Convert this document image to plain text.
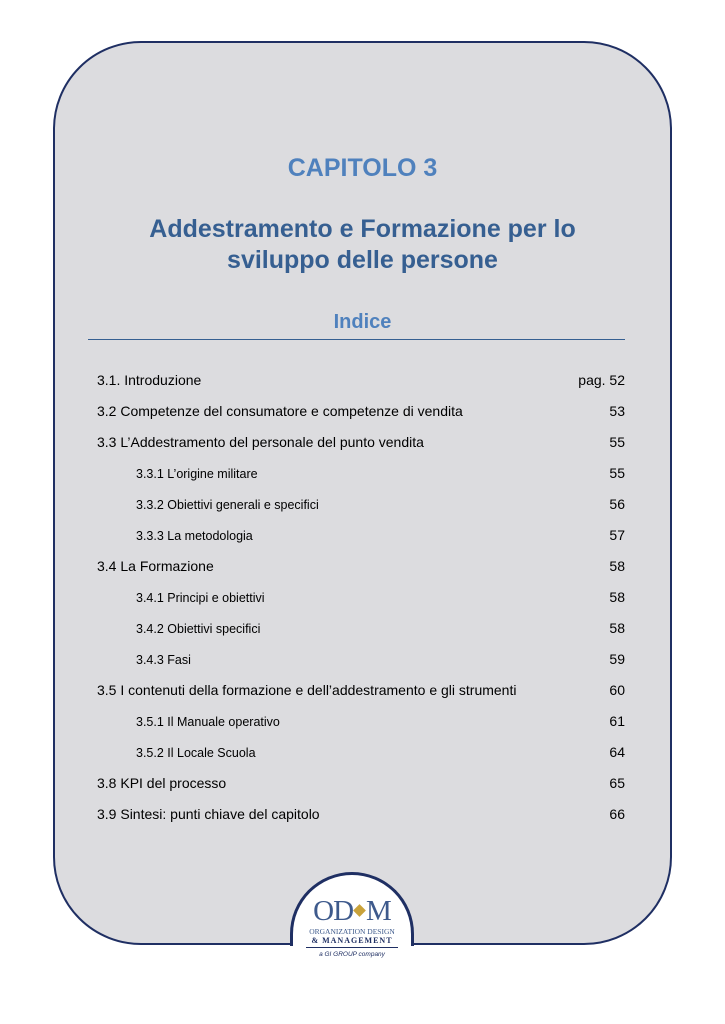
CAPITOLO 3
Addestramento e Formazione per lo
sviluppo delle persone
Indice
3.1. Introduzione	pag. 52
3.2 Competenze del consumatore e competenze di vendita	53
3.3 L’Addestramento del personale del punto vendita	55
3.3.1 L’origine militare	55
3.3.2 Obiettivi generali e specifici	56
3.3.3 La metodologia	57
3.4 La Formazione	58
3.4.1 Principi e obiettivi	58
3.4.2 Obiettivi specifici	58
3.4.3 Fasi	59
3.5 I contenuti della formazione e dell’addestramento e gli strumenti	60
3.5.1 Il Manuale operativo	61
3.5.2 Il Locale Scuola	64
3.8 KPI del processo	65
3.9 Sintesi: punti chiave del capitolo	66
OD M
ORGANIZATION DESIGN
& MANAGEMENT
a GI GROUP company
